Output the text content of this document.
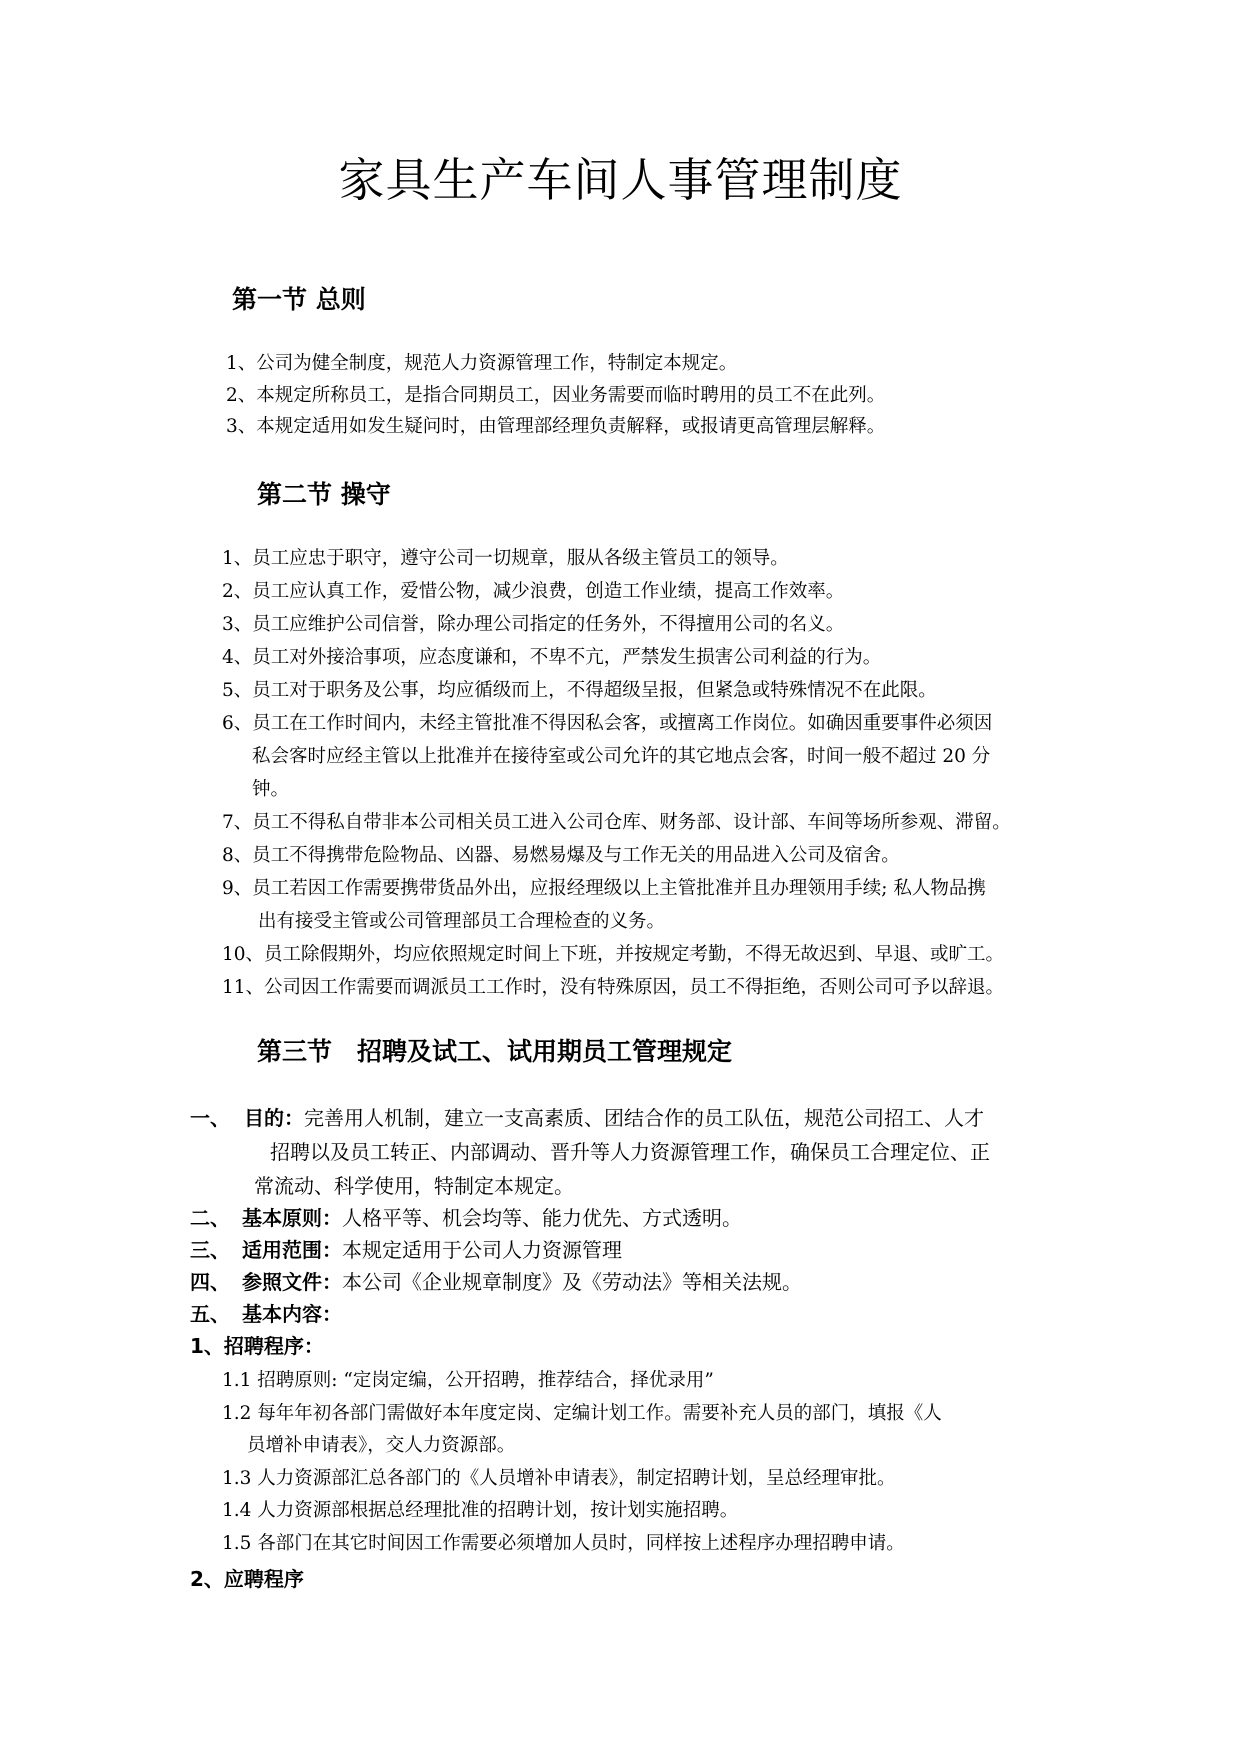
家具生产车间人事管理制度
第一节 总则
1、公司为健全制度，规范人力资源管理工作，特制定本规定。
2、本规定所称员工，是指合同期员工，因业务需要而临时聘用的员工不在此列。
3、本规定适用如发生疑问时，由管理部经理负责解释，或报请更高管理层解释。
第二节 操守
1、员工应忠于职守，遵守公司一切规章，服从各级主管员工的领导。
2、员工应认真工作，爱惜公物，减少浪费，创造工作业绩，提高工作效率。
3、员工应维护公司信誉，除办理公司指定的任务外，不得擅用公司的名义。
4、员工对外接洽事项，应态度谦和，不卑不亢，严禁发生损害公司利益的行为。
5、员工对于职务及公事，均应循级而上，不得超级呈报，但紧急或特殊情况不在此限。
6、员工在工作时间内，未经主管批准不得因私会客，或擅离工作岗位。如确因重要事件必须因
私会客时应经主管以上批准并在接待室或公司允许的其它地点会客，时间一般不超过 20 分
钟。
7、员工不得私自带非本公司相关员工进入公司仓库、财务部、设计部、车间等场所参观、滞留。
8、员工不得携带危险物品、凶器、易燃易爆及与工作无关的用品进入公司及宿舍。
9、员工若因工作需要携带货品外出，应报经理级以上主管批准并且办理领用手续; 私人物品携
出有接受主管或公司管理部员工合理检查的义务。
10、员工除假期外，均应依照规定时间上下班，并按规定考勤，不得无故迟到、早退、或旷工。
11、公司因工作需要而调派员工工作时，没有特殊原因，员工不得拒绝，否则公司可予以辞退。
第三节　招聘及试工、试用期员工管理规定
一、 目的：完善用人机制，建立一支高素质、团结合作的员工队伍，规范公司招工、人才
招聘以及员工转正、内部调动、晋升等人力资源管理工作，确保员工合理定位、正
常流动、科学使用，特制定本规定。
二、 基本原则：人格平等、机会均等、能力优先、方式透明。
三、 适用范围：本规定适用于公司人力资源管理
四、 参照文件：本公司《企业规章制度》及《劳动法》等相关法规。
五、 基本内容：
1、招聘程序：
1.1 招聘原则: “定岗定编，公开招聘，推荐结合，择优录用”
1.2 每年年初各部门需做好本年度定岗、定编计划工作。需要补充人员的部门，填报《人
员增补申请表》，交人力资源部。
1.3 人力资源部汇总各部门的《人员增补申请表》，制定招聘计划，呈总经理审批。
1.4 人力资源部根据总经理批准的招聘计划，按计划实施招聘。
1.5 各部门在其它时间因工作需要必须增加人员时，同样按上述程序办理招聘申请。
2、应聘程序
